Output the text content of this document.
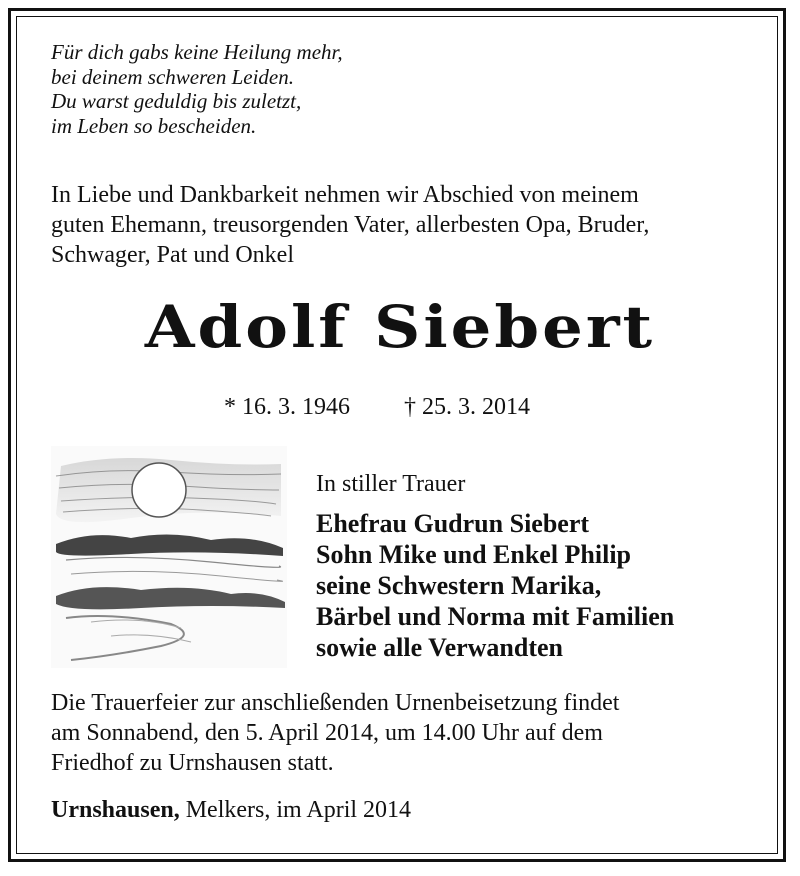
Für dich gabs keine Heilung mehr,
bei deinem schweren Leiden.
Du warst geduldig bis zuletzt,
im Leben so bescheiden.
In Liebe und Dankbarkeit nehmen wir Abschied von meinem
guten Ehemann, treusorgenden Vater, allerbesten Opa, Bruder,
Schwager, Pat und Onkel
Adolf Siebert
* 16. 3. 1946 † 25. 3. 2014
In stiller Trauer
Ehefrau Gudrun Siebert
Sohn Mike und Enkel Philip
seine Schwestern Marika,
Bärbel und Norma mit Familien
sowie alle Verwandten
Die Trauerfeier zur anschließenden Urnenbeisetzung findet
am Sonnabend, den 5. April 2014, um 14.00 Uhr auf dem
Friedhof zu Urnshausen statt.
Urnshausen, Melkers, im April 2014
